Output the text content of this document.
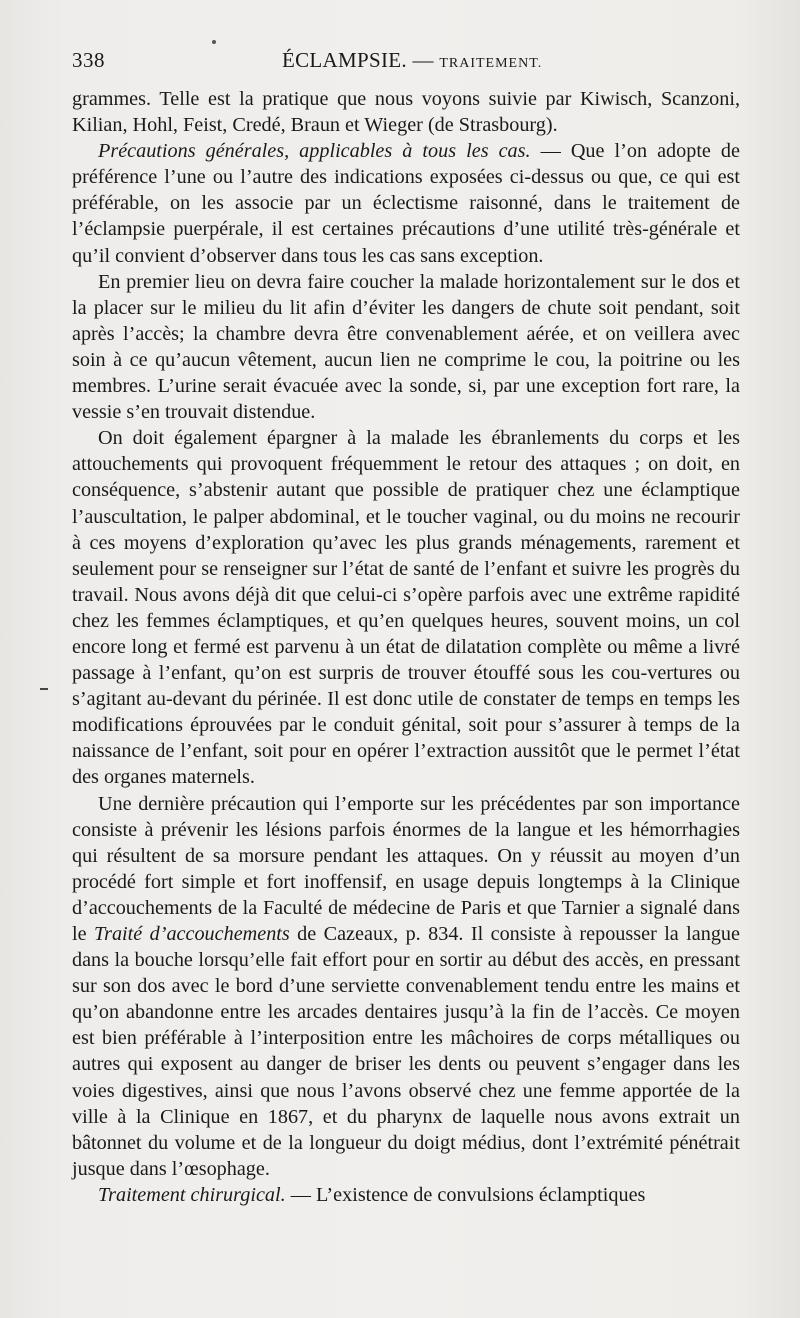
338	ÉCLAMPSIE. — TRAITEMENT.

grammes. Telle est la pratique que nous voyons suivie par Kiwisch, Scanzoni, Kilian, Hohl, Feist, Credé, Braun et Wieger (de Strasbourg).

Précautions générales, applicables à tous les cas. — Que l’on adopte de préférence l’une ou l’autre des indications exposées ci-dessus ou que, ce qui est préférable, on les associe par un éclectisme raisonné, dans le traitement de l’éclampsie puerpérale, il est certaines précautions d’une utilité très-générale et qu’il convient d’observer dans tous les cas sans exception.

En premier lieu on devra faire coucher la malade horizontalement sur le dos et la placer sur le milieu du lit afin d’éviter les dangers de chute soit pendant, soit après l’accès; la chambre devra être convenablement aérée, et on veillera avec soin à ce qu’aucun vêtement, aucun lien ne comprime le cou, la poitrine ou les membres. L’urine serait évacuée avec la sonde, si, par une exception fort rare, la vessie s’en trouvait distendue.

On doit également épargner à la malade les ébranlements du corps et les attouchements qui provoquent fréquemment le retour des attaques ; on doit, en conséquence, s’abstenir autant que possible de pratiquer chez une éclamptique l’auscultation, le palper abdominal, et le toucher vaginal, ou du moins ne recourir à ces moyens d’exploration qu’avec les plus grands ménagements, rarement et seulement pour se renseigner sur l’état de santé de l’enfant et suivre les progrès du travail. Nous avons déjà dit que celui-ci s’opère parfois avec une extrême rapidité chez les femmes éclamptiques, et qu’en quelques heures, souvent moins, un col encore long et fermé est parvenu à un état de dilatation complète ou même a livré passage à l’enfant, qu’on est surpris de trouver étouffé sous les cou-vertures ou s’agitant au-devant du périnée. Il est donc utile de constater de temps en temps les modifications éprouvées par le conduit génital, soit pour s’assurer à temps de la naissance de l’enfant, soit pour en opérer l’extraction aussitôt que le permet l’état des organes maternels.

Une dernière précaution qui l’emporte sur les précédentes par son importance consiste à prévenir les lésions parfois énormes de la langue et les hémorrhagies qui résultent de sa morsure pendant les attaques. On y réussit au moyen d’un procédé fort simple et fort inoffensif, en usage depuis longtemps à la Clinique d’accouchements de la Faculté de médecine de Paris et que Tarnier a signalé dans le Traité d’accouchements de Cazeaux, p. 834. Il consiste à repousser la langue dans la bouche lorsqu’elle fait effort pour en sortir au début des accès, en pressant sur son dos avec le bord d’une serviette convenablement tendu entre les mains et qu’on abandonne entre les arcades dentaires jusqu’à la fin de l’accès. Ce moyen est bien préférable à l’interposition entre les mâchoires de corps métalliques ou autres qui exposent au danger de briser les dents ou peuvent s’engager dans les voies digestives, ainsi que nous l’avons observé chez une femme apportée de la ville à la Clinique en 1867, et du pharynx de laquelle nous avons extrait un bâtonnet du volume et de la longueur du doigt médius, dont l’extrémité pénétrait jusque dans l’œsophage.

Traitement chirurgical. — L’existence de convulsions éclamptiques
